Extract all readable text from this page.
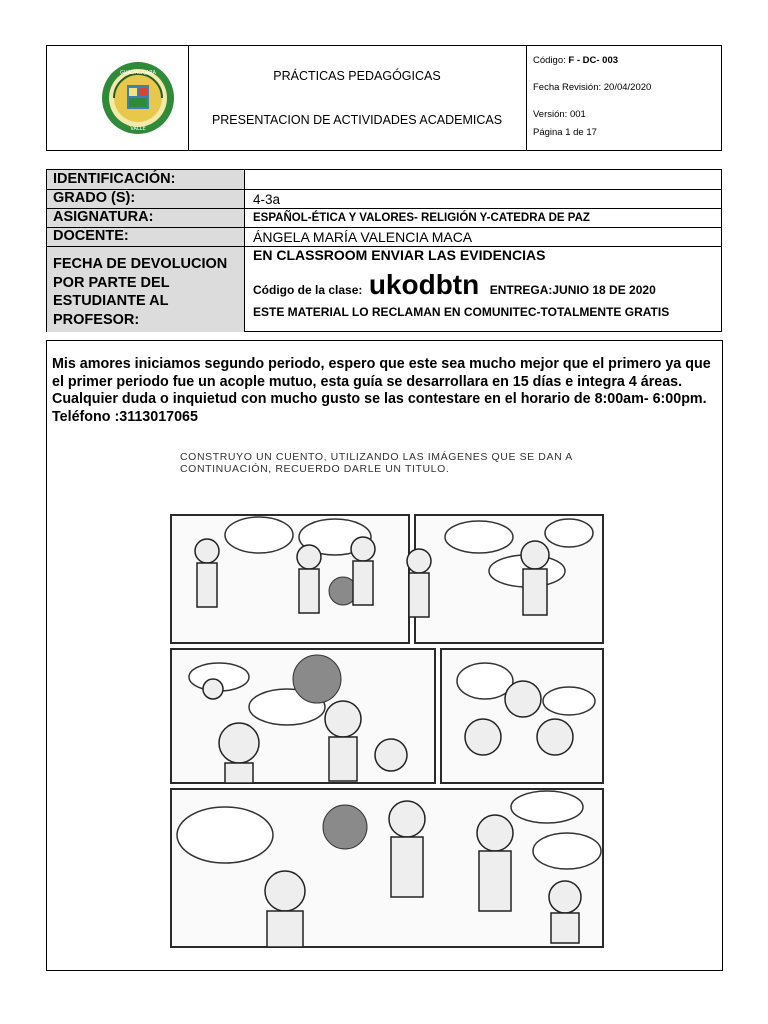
GUADALAJARA
VALLE
PRÁCTICAS PEDAGÓGICAS
PRESENTACION DE ACTIVIDADES ACADEMICAS
Código: F - DC- 003
Fecha Revisión: 20/04/2020
Versión: 001
Página 1 de 17
IDENTIFICACIÓN:
GRADO (S):	4-3a
ASIGNATURA:	ESPAÑOL-ÉTICA Y VALORES- RELIGIÓN Y-CATEDRA DE PAZ
DOCENTE:	ÁNGELA MARÍA VALENCIA MACA
FECHA DE DEVOLUCION POR PARTE DEL ESTUDIANTE AL PROFESOR:
EN CLASSROOM ENVIAR LAS EVIDENCIAS
Código de la clase: ukodbtn ENTREGA:JUNIO 18 DE 2020
ESTE MATERIAL LO RECLAMAN EN COMUNITEC-TOTALMENTE GRATIS
Mis amores iniciamos segundo periodo, espero que este sea mucho mejor que el primero ya que el primer periodo fue un acople mutuo, esta guía se desarrollara en 15 días e integra 4 áreas. Cualquier duda o inquietud con mucho gusto se las contestare en el horario de 8:00am- 6:00pm. Teléfono :3113017065
CONSTRUYO UN CUENTO, UTILIZANDO LAS IMÁGENES QUE SE DAN A CONTINUACIÓN, RECUERDO DARLE UN TITULO.
